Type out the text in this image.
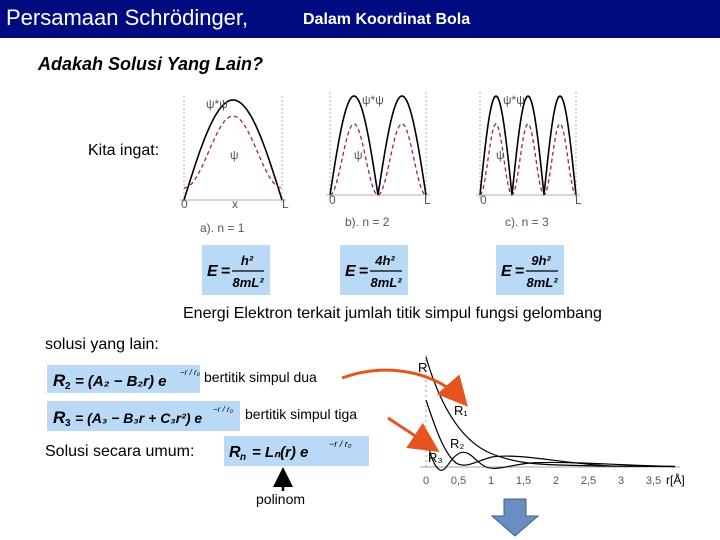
Persamaan Schrödinger,	Dalam Koordinat Bola
Adakah Solusi Yang Lain?
Kita ingat:
a). n = 1	b). n = 2	c). n = 3
0	x	L	0	L	0	L
ψ*ψ
ψ
ψ*ψ
ψ
ψ*ψ
ψ
E =
h²
8mL²
E =
4h²
8mL²
E =
9h²
8mL²
Energi Elektron terkait jumlah titik simpul fungsi gelombang
solusi yang lain:
R
R₁
R₂
R₃
0 0,5 1 1,5 2 2,5 3 3,5 r[Å]
R 2 = (A₂ − B₂r) e
−r / r₀ bertitik simpul dua
R 3 = (A₃ − B₃r + C₃r²) e
−r / r₀ bertitik simpul tiga
Solusi secara umum: R n = Lₙ(r) e −r / r₀
polinom
